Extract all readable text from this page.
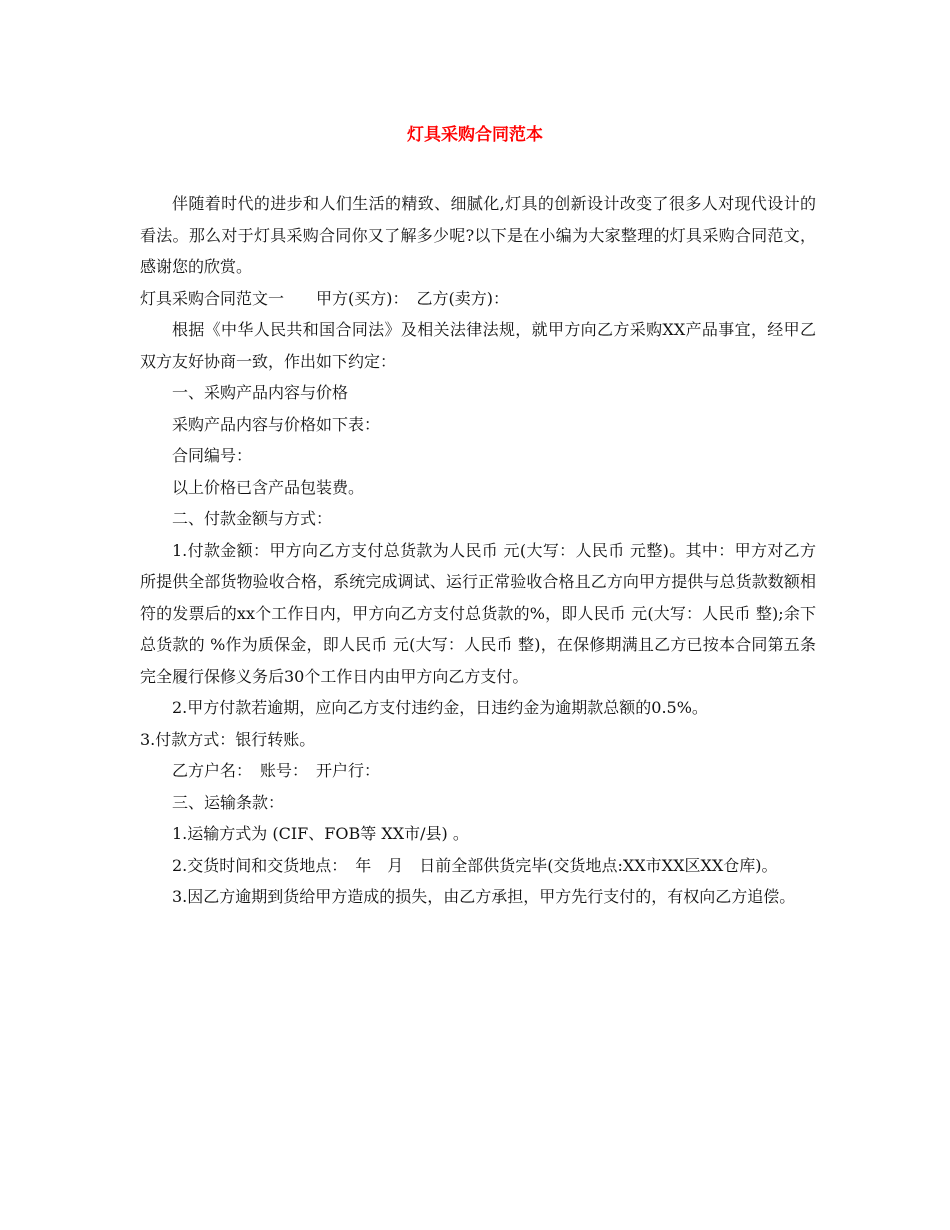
灯具采购合同范本

伴随着时代的进步和人们生活的精致、细腻化,灯具的创新设计改变了很多人对现代设计的看法。那么对于灯具采购合同你又了解多少呢?以下是在小编为大家整理的灯具采购合同范文，感谢您的欣赏。

灯具采购合同范文一　　甲方(买方)：　乙方(卖方)：

根据《中华人民共和国合同法》及相关法律法规，就甲方向乙方采购XX产品事宜，经甲乙双方友好协商一致，作出如下约定：

一、采购产品内容与价格

采购产品内容与价格如下表：

合同编号：

以上价格已含产品包装费。

二、付款金额与方式：

1.付款金额：甲方向乙方支付总货款为人民币 元(大写：人民币 元整)。其中：甲方对乙方所提供全部货物验收合格，系统完成调试、运行正常验收合格且乙方向甲方提供与总货款数额相符的发票后的xx个工作日内，甲方向乙方支付总货款的%，即人民币 元(大写：人民币 整);余下总货款的 %作为质保金，即人民币 元(大写：人民币 整)，在保修期满且乙方已按本合同第五条完全履行保修义务后30个工作日内由甲方向乙方支付。

2.甲方付款若逾期，应向乙方支付违约金，日违约金为逾期款总额的0.5%。

3.付款方式：银行转账。

乙方户名：　账号：　开户行：

三、运输条款：

1.运输方式为 (CIF、FOB等 XX市/县) 。

2.交货时间和交货地点：　年　月　日前全部供货完毕(交货地点:XX市XX区XX仓库)。

3.因乙方逾期到货给甲方造成的损失，由乙方承担，甲方先行支付的，有权向乙方追偿。
